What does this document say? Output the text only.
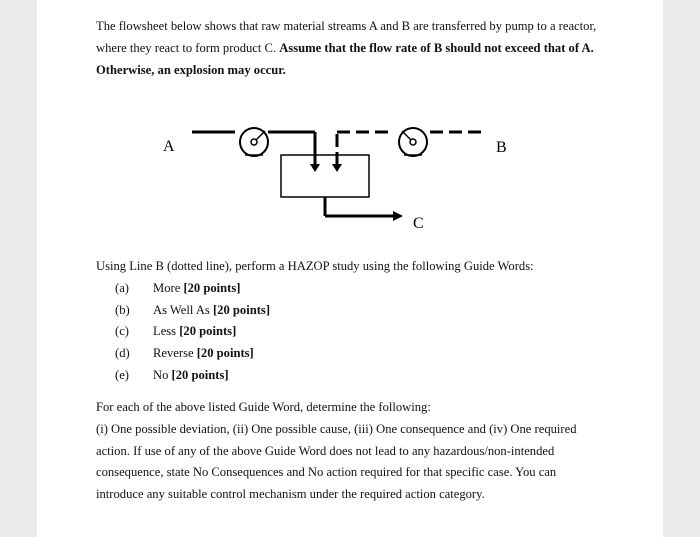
The flowsheet below shows that raw material streams A and B are transferred by pump to a reactor,
where they react to form product C. Assume that the flow rate of B should not exceed that of A.
Otherwise, an explosion may occur.
A	B
C
Using Line B (dotted line), perform a HAZOP study using the following Guide Words:
(a) More [20 points]
(b) As Well As [20 points]
(c) Less [20 points]
(d) Reverse [20 points]
(e) No [20 points]
For each of the above listed Guide Word, determine the following:
(i) One possible deviation, (ii) One possible cause, (iii) One consequence and (iv) One required
action. If use of any of the above Guide Word does not lead to any hazardous/non-intended
consequence, state No Consequences and No action required for that specific case. You can
introduce any suitable control mechanism under the required action category.
